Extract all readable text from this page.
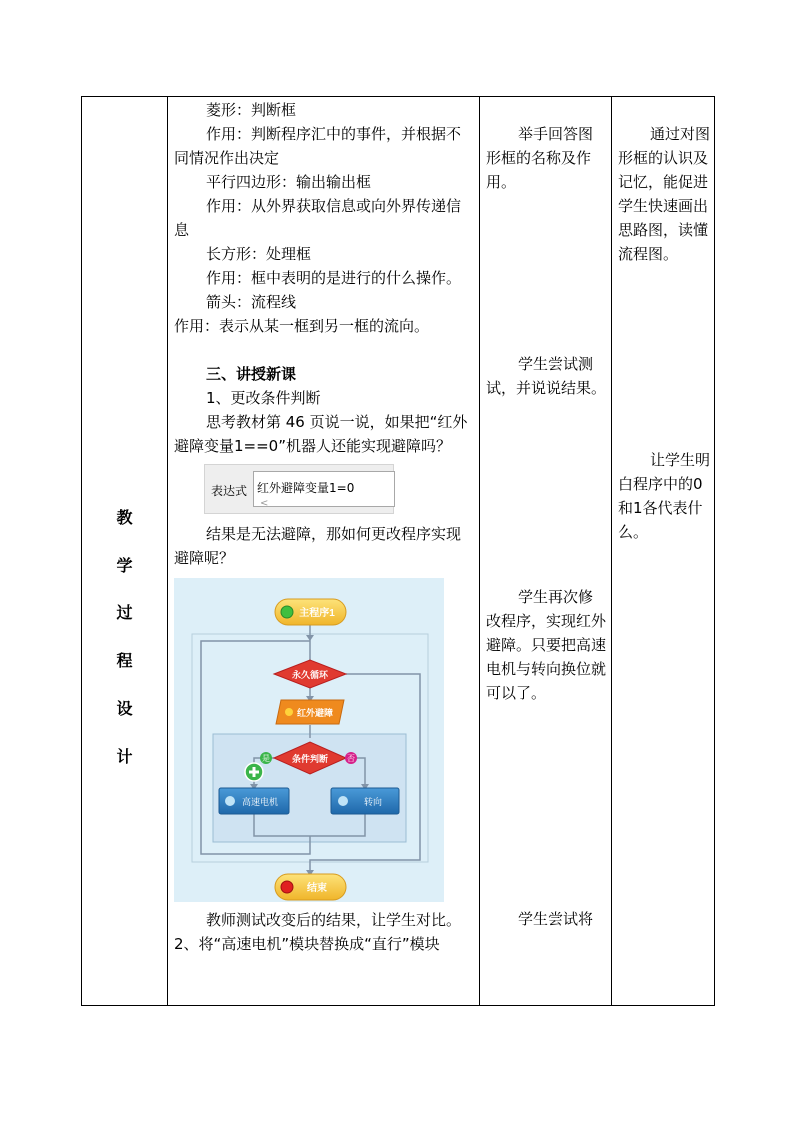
教
学
过
程
设
计

菱形：判断框

作用：判断程序汇中的事件，并根据不同情况作出决定

平行四边形：输出输出框

作用：从外界获取信息或向外界传递信息

长方形：处理框

作用：框中表明的是进行的什么操作。

箭头：流程线

作用：表示从某一框到另一框的流向。

三、讲授新课

1、更改条件判断

思考教材第 46 页说一说，如果把“红外避障变量1==0”机器人还能实现避障吗？

表达式 红外避障变量1=0
<

结果是无法避障，那如何更改程序实现避障呢？

主程序1
永久循环
红外避障
条件判断
是	否
高速电机	转向
结束

教师测试改变后的结果，让学生对比。

2、将“高速电机”模块替换成“直行”模块

举手回答图形框的名称及作用。

学生尝试测试，并说说结果。

学生再次修改程序，实现红外避障。只要把高速电机与转向换位就可以了。

学生尝试将

通过对图形框的认识及记忆，能促进学生快速画出思路图，读懂流程图。

让学生明白程序中的0和1各代表什么。
